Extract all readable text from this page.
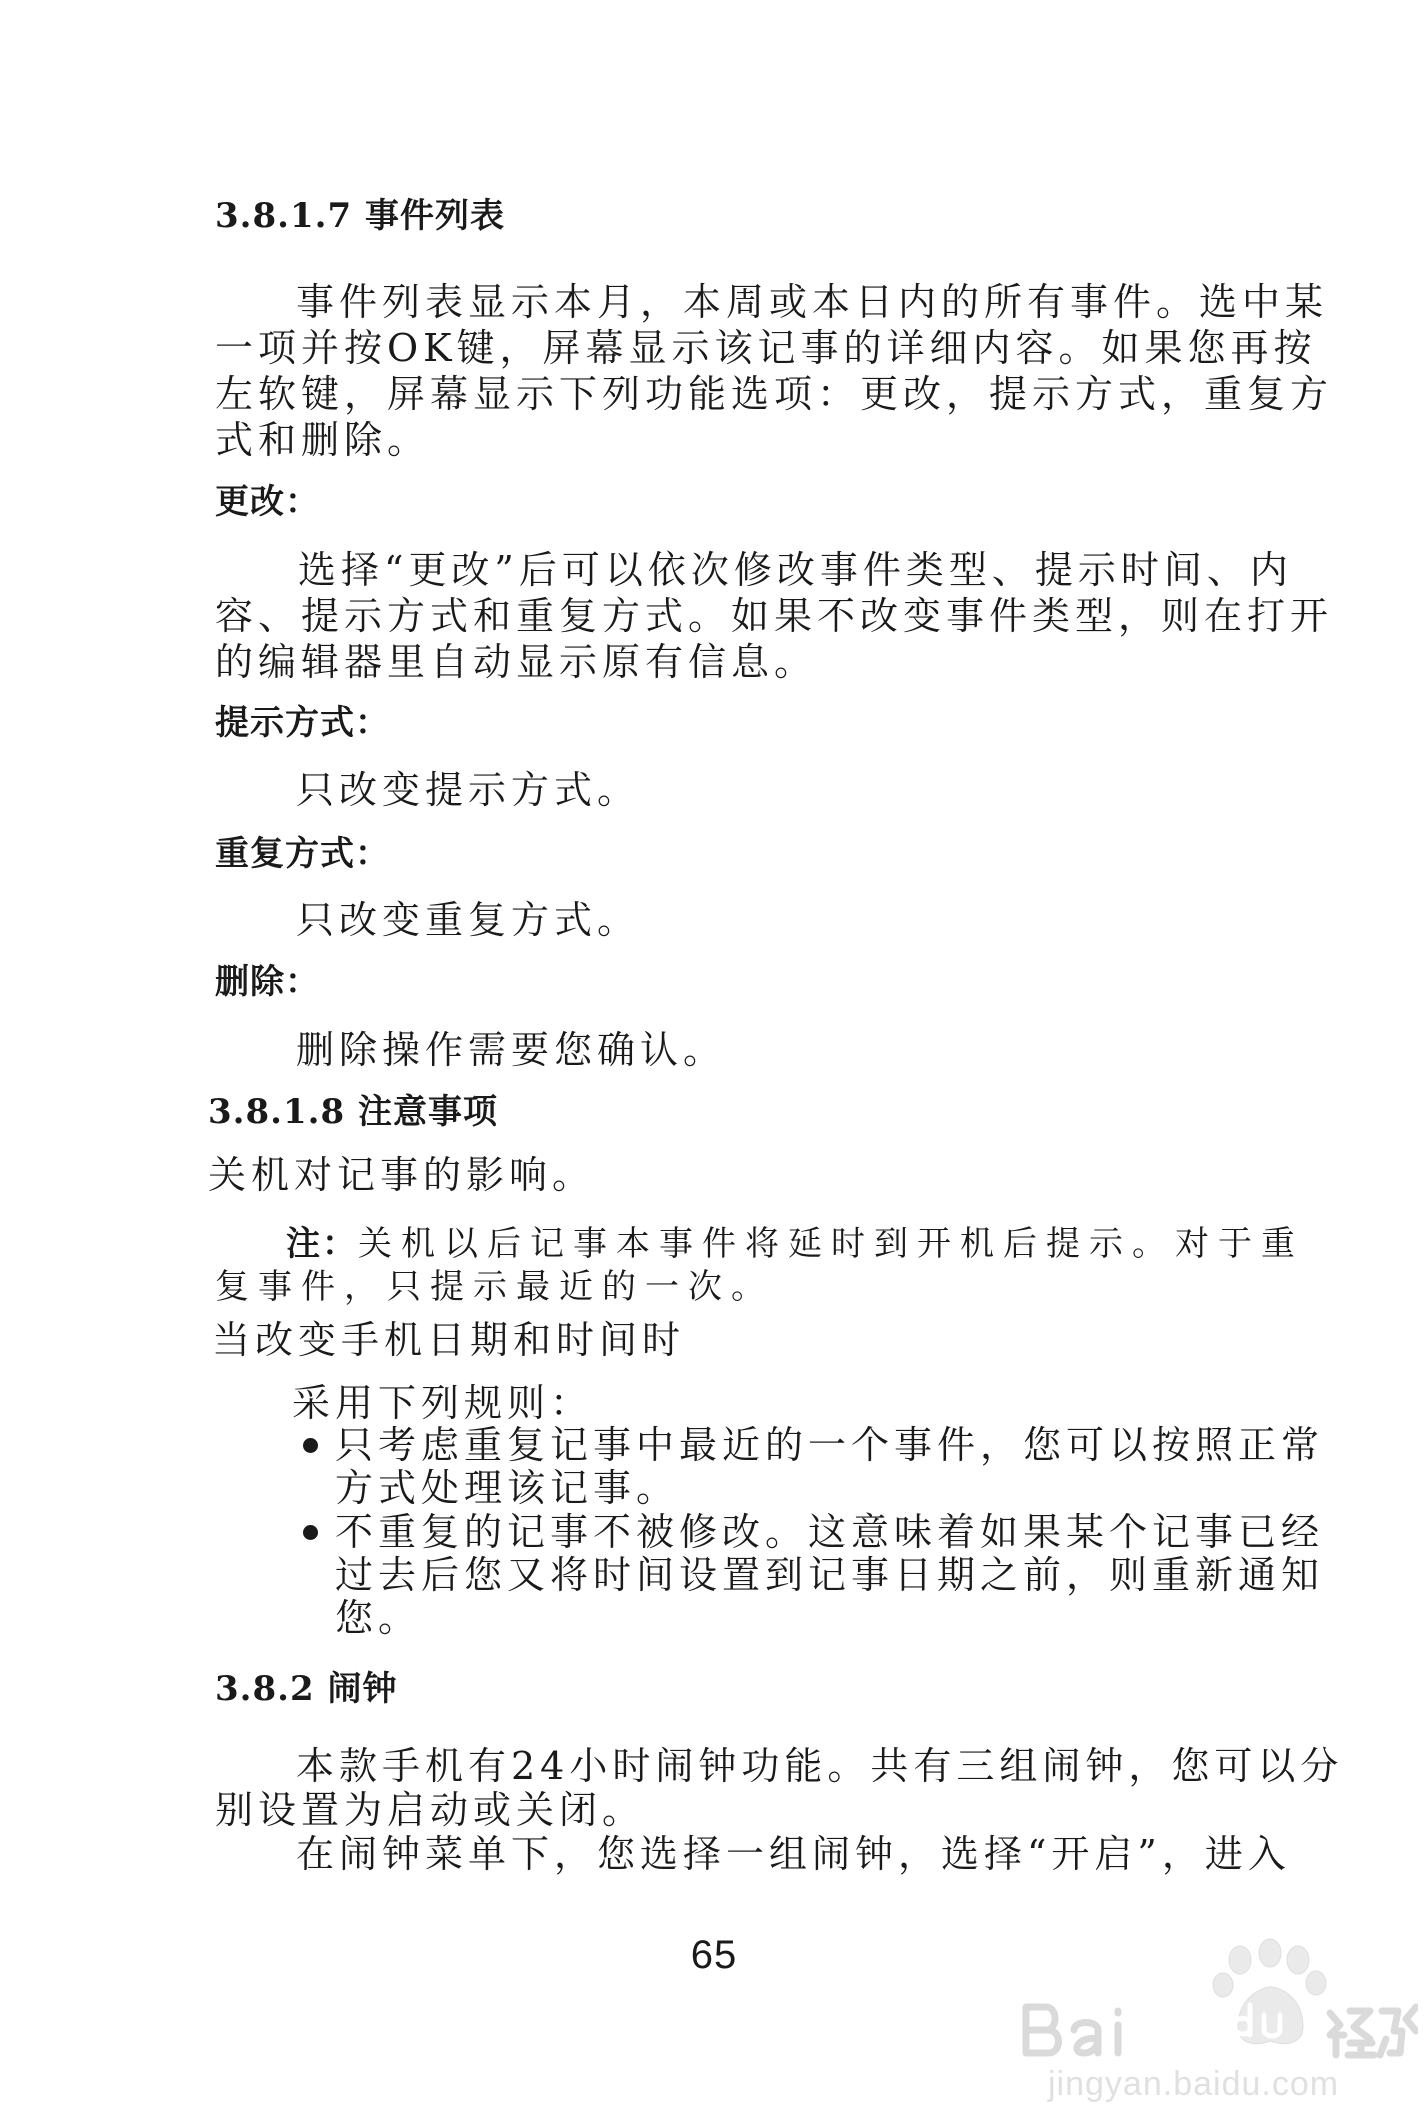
3.8.1.7 事件列表
事件列表显示本月，本周或本日内的所有事件。选中某
一项并按OK键，屏幕显示该记事的详细内容。如果您再按
左软键，屏幕显示下列功能选项：更改，提示方式，重复方
式和删除。
更改：
选择“更改”后可以依次修改事件类型、提示时间、内
容、提示方式和重复方式。如果不改变事件类型，则在打开
的编辑器里自动显示原有信息。
提示方式：
只改变提示方式。
重复方式：
只改变重复方式。
删除：
删除操作需要您确认。
3.8.1.8 注意事项
关机对记事的影响。
注：关机以后记事本事件将延时到开机后提示。对于重
复事件，只提示最近的一次。
当改变手机日期和时间时
采用下列规则：
只考虑重复记事中最近的一个事件，您可以按照正常
方式处理该记事。
不重复的记事不被修改。这意味着如果某个记事已经
过去后您又将时间设置到记事日期之前，则重新通知
您。
3.8.2 闹钟
本款手机有24小时闹钟功能。共有三组闹钟，您可以分
别设置为启动或关闭。
在闹钟菜单下，您选择一组闹钟，选择“开启”，进入
65
jingyan.baidu.com
